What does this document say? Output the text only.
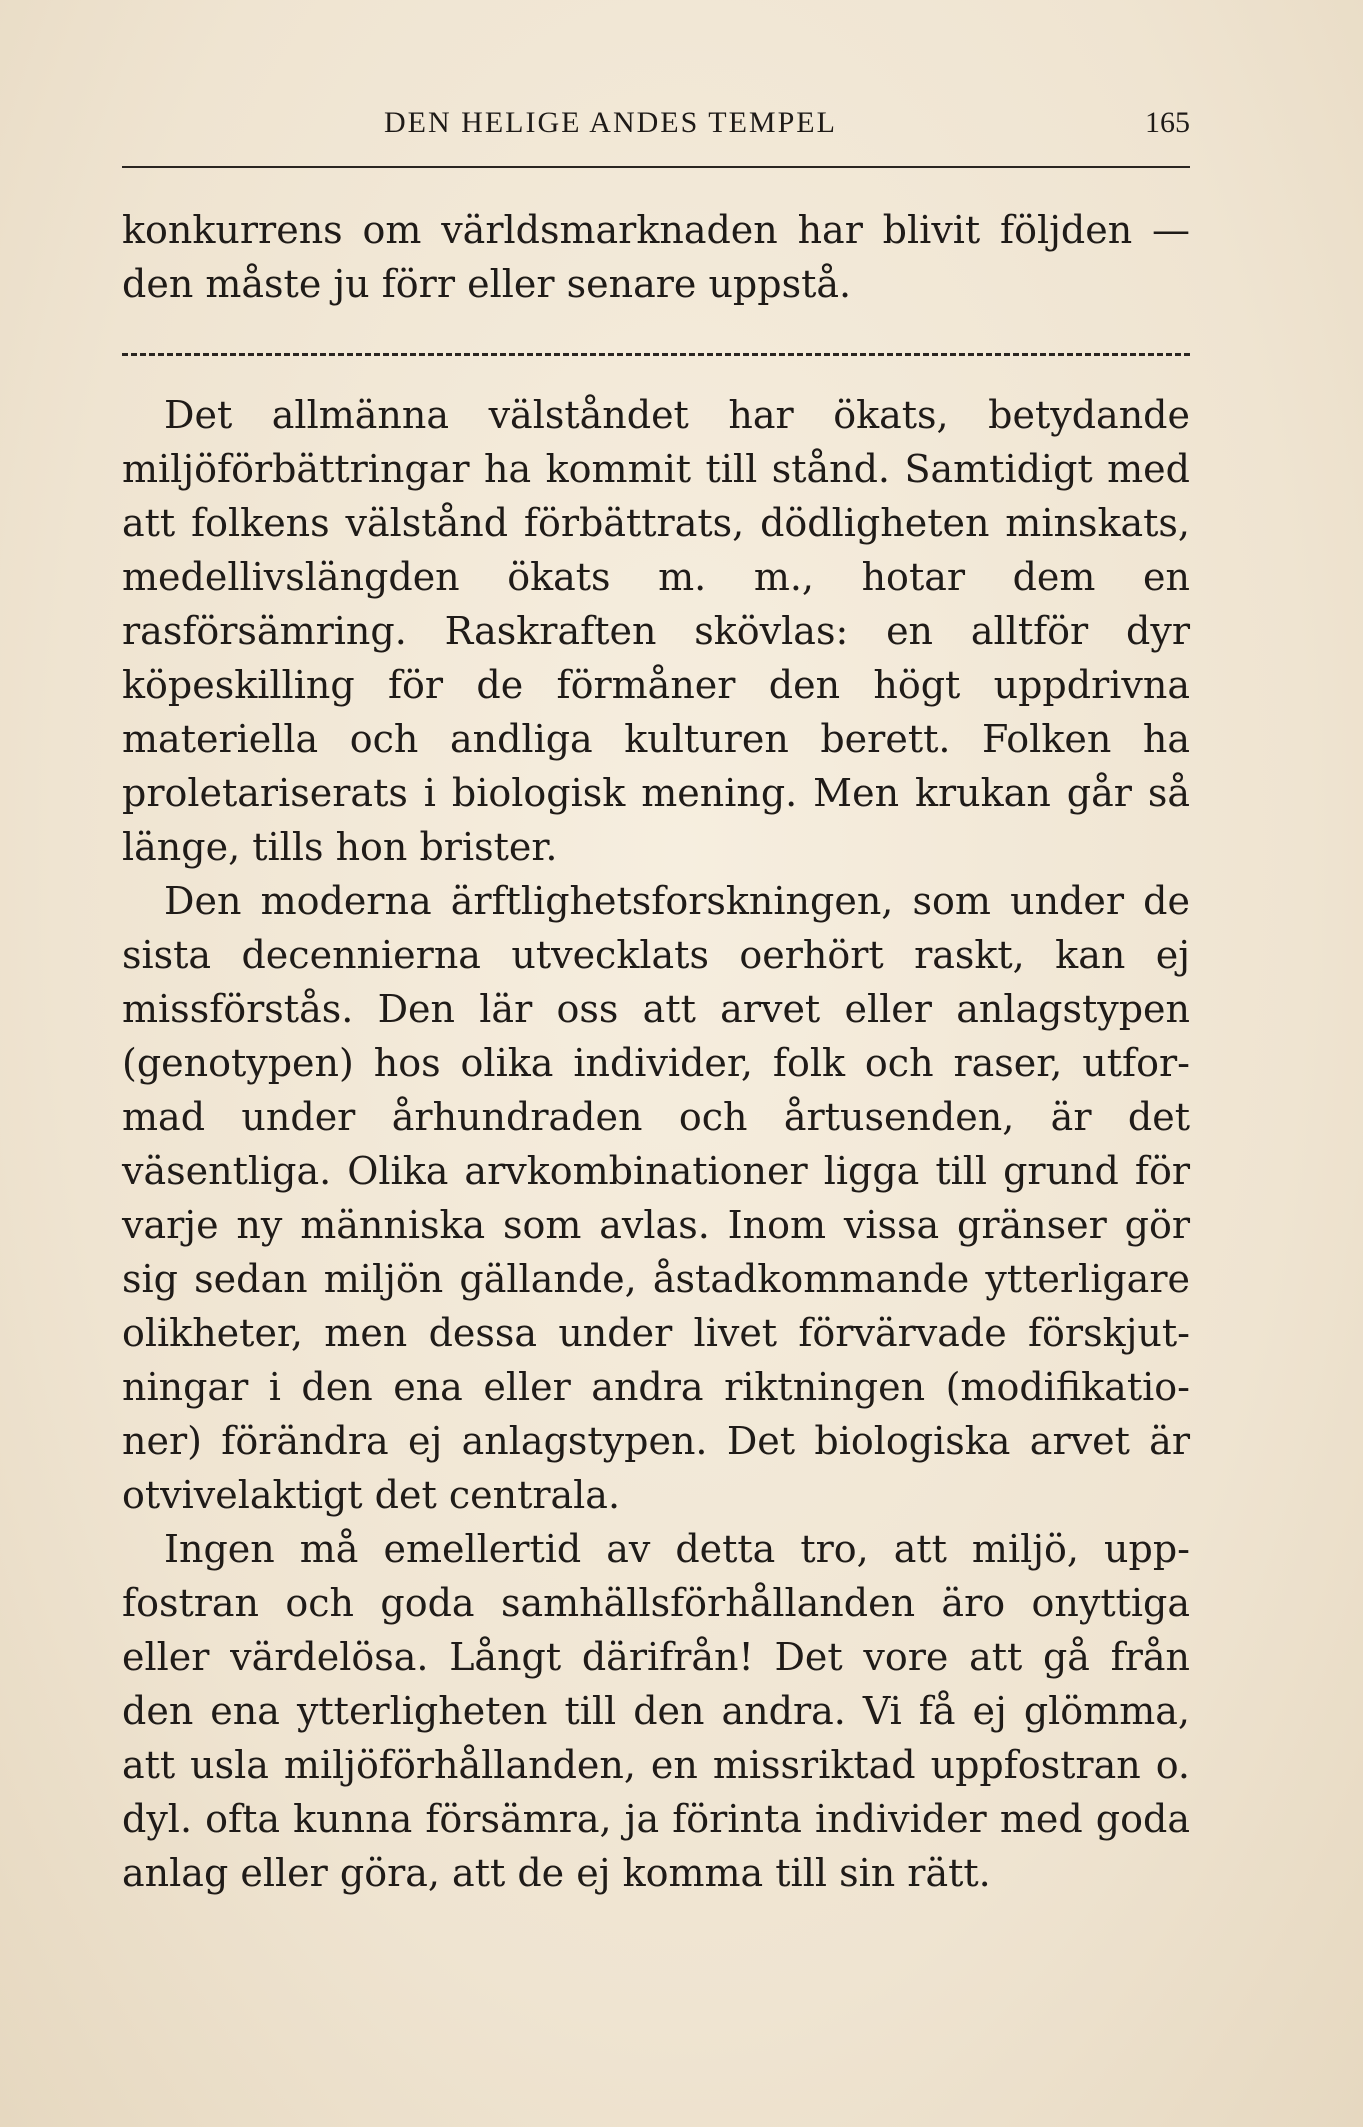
DEN HELIGE ANDES TEMPEL	165

konkurrens om världsmarknaden har blivit följden — den måste ju förr eller senare uppstå.

Det allmänna välståndet har ökats, betydande miljöförbättringar ha kommit till stånd. Samtidigt med att folkens välstånd förbättrats, dödligheten minskats, medellivslängden ökats m. m., hotar dem en rasförsämring. Raskraften skövlas: en alltför dyr köpeskilling för de förmåner den högt uppdrivna materiella och andliga kulturen berett. Folken ha proletariserats i biologisk mening. Men krukan går så länge, tills hon brister.

Den moderna ärftlighetsforskningen, som under de sista decennierna utvecklats oerhört raskt, kan ej missförstås. Den lär oss att arvet eller anlagstypen (genotypen) hos olika individer, folk och raser, utformad under århundraden och årtusenden, är det väsentliga. Olika arvkombinationer ligga till grund för varje ny människa som avlas. Inom vissa gränser gör sig sedan miljön gällande, åstadkommande ytterligare olikheter, men dessa under livet förvärvade förskjutningar i den ena eller andra riktningen (modifikationer) förändra ej anlagstypen. Det biologiska arvet är otvivelaktigt det centrala.

Ingen må emellertid av detta tro, att miljö, uppfostran och goda samhällsförhållanden äro onyttiga eller värdelösa. Långt därifrån! Det vore att gå från den ena ytterligheten till den andra. Vi få ej glömma, att usla miljöförhållanden, en missriktad uppfostran o. dyl. ofta kunna försämra, ja förinta individer med goda anlag eller göra, att de ej komma till sin rätt.
